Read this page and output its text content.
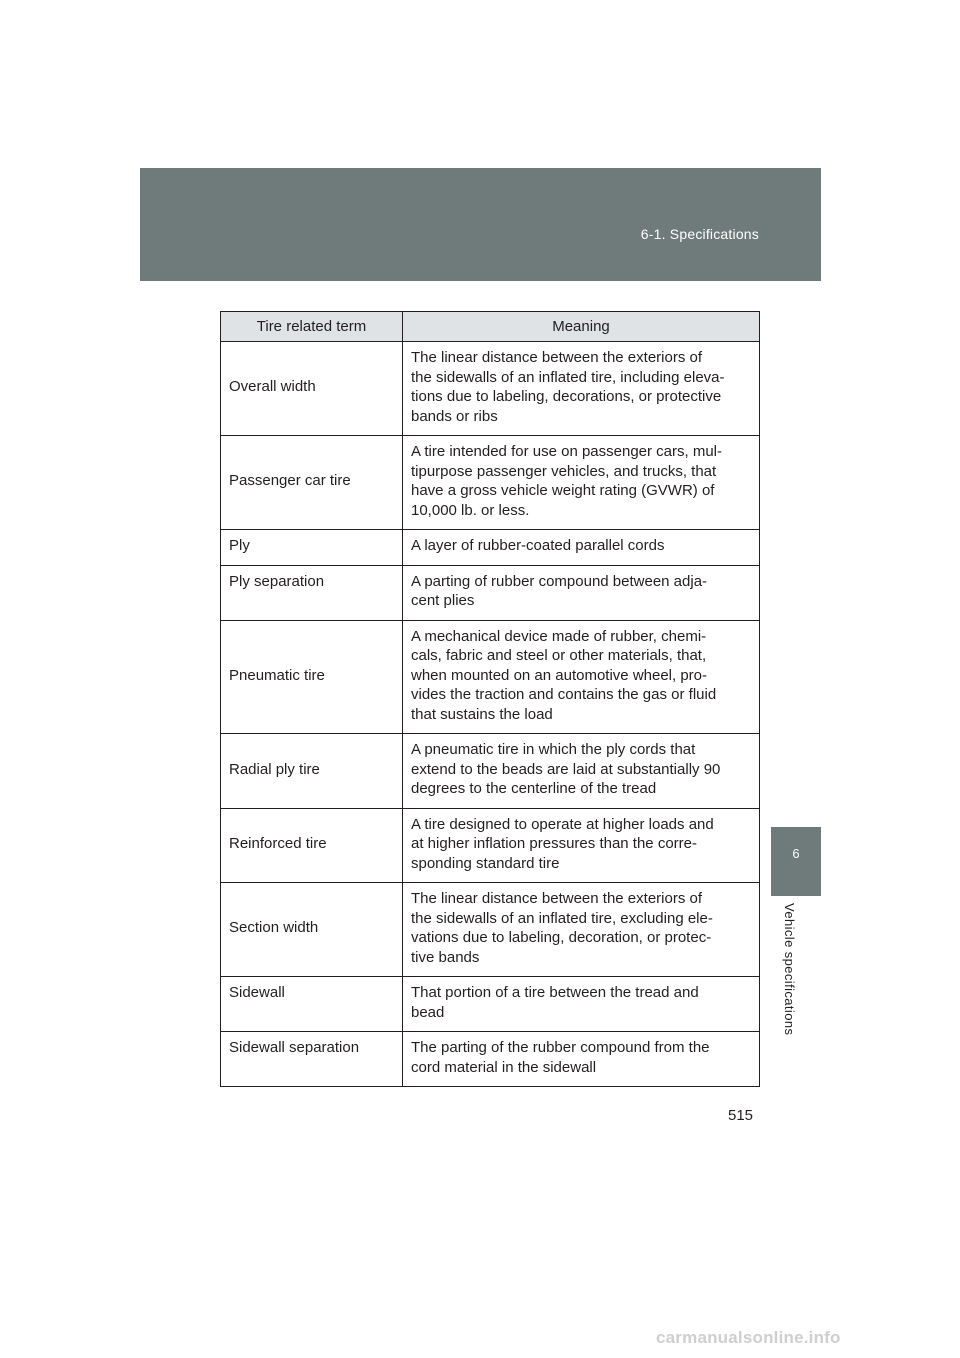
6-1. Specifications
6
Vehicle specifications
Tire related term	Meaning
Overall width	The linear distance between the exteriors of
the sidewalls of an inflated tire, including eleva-
tions due to labeling, decorations, or protective
bands or ribs

Passenger car tire	A tire intended for use on passenger cars, mul-
tipurpose passenger vehicles, and trucks, that
have a gross vehicle weight rating (GVWR) of
10,000 lb. or less.

Ply	A layer of rubber-coated parallel cords

Ply separation	A parting of rubber compound between adja-
cent plies

Pneumatic tire	A mechanical device made of rubber, chemi-
cals, fabric and steel or other materials, that,
when mounted on an automotive wheel, pro-
vides the traction and contains the gas or fluid
that sustains the load

Radial ply tire	A pneumatic tire in which the ply cords that
extend to the beads are laid at substantially 90
degrees to the centerline of the tread

Reinforced tire	A tire designed to operate at higher loads and
at higher inflation pressures than the corre-
sponding standard tire

Section width	The linear distance between the exteriors of
the sidewalls of an inflated tire, excluding ele-
vations due to labeling, decoration, or protec-
tive bands

Sidewall	That portion of a tire between the tread and
bead

Sidewall separation	The parting of the rubber compound from the
cord material in the sidewall
515
carmanualsonline.info
